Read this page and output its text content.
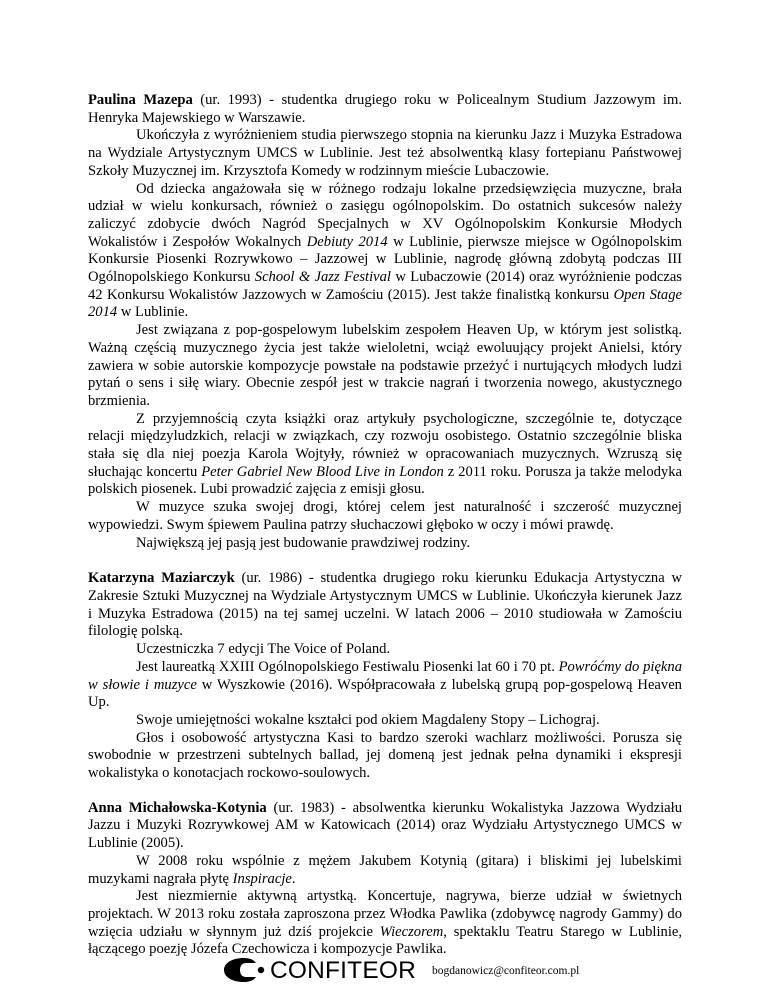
Paulina Mazepa (ur. 1993) - studentka drugiego roku w Policealnym Studium Jazzowym im. Henryka Majewskiego w Warszawie.

Ukończyła z wyróżnieniem studia pierwszego stopnia na kierunku Jazz i Muzyka Estradowa na Wydziale Artystycznym UMCS w Lublinie. Jest też absolwentką klasy fortepianu Państwowej Szkoły Muzycznej im. Krzysztofa Komedy w rodzinnym mieście Lubaczowie.

Od dziecka angażowała się w różnego rodzaju lokalne przedsięwzięcia muzyczne, brała udział w wielu konkursach, również o zasięgu ogólnopolskim. Do ostatnich sukcesów należy zaliczyć zdobycie dwóch Nagród Specjalnych w XV Ogólnopolskim Konkursie Młodych Wokalistów i Zespołów Wokalnych Debiuty 2014 w Lublinie, pierwsze miejsce w Ogólnopolskim Konkursie Piosenki Rozrywkowo – Jazzowej w Lublinie, nagrodę główną zdobytą podczas III Ogólnopolskiego Konkursu School & Jazz Festival w Lubaczowie (2014) oraz wyróżnienie podczas 42 Konkursu Wokalistów Jazzowych w Zamościu (2015). Jest także finalistką konkursu Open Stage 2014 w Lublinie.

Jest związana z pop-gospelowym lubelskim zespołem Heaven Up, w którym jest solistką. Ważną częścią muzycznego życia jest także wieloletni, wciąż ewoluujący projekt Anielsi, który zawiera w sobie autorskie kompozycje powstałe na podstawie przeżyć i nurtujących młodych ludzi pytań o sens i siłę wiary. Obecnie zespół jest w trakcie nagrań i tworzenia nowego, akustycznego brzmienia.

Z przyjemnością czyta książki oraz artykuły psychologiczne, szczególnie te, dotyczące relacji międzyludzkich, relacji w związkach, czy rozwoju osobistego. Ostatnio szczególnie bliska stała się dla niej poezja Karola Wojtyły, również w opracowaniach muzycznych. Wzruszą się słuchając koncertu Peter Gabriel New Blood Live in London z 2011 roku. Porusza ja także melodyka polskich piosenek. Lubi prowadzić zajęcia z emisji głosu.

W muzyce szuka swojej drogi, której celem jest naturalność i szczerość muzycznej wypowiedzi. Swym śpiewem Paulina patrzy słuchaczowi głęboko w oczy i mówi prawdę.

Największą jej pasją jest budowanie prawdziwej rodziny.

Katarzyna Maziarczyk (ur. 1986) - studentka drugiego roku kierunku Edukacja Artystyczna w Zakresie Sztuki Muzycznej na Wydziale Artystycznym UMCS w Lublinie. Ukończyła kierunek Jazz i Muzyka Estradowa (2015) na tej samej uczelni. W latach 2006 – 2010 studiowała w Zamościu filologię polską.

Uczestniczka 7 edycji The Voice of Poland.

Jest laureatką XXIII Ogólnopolskiego Festiwalu Piosenki lat 60 i 70 pt. Powróćmy do piękna w słowie i muzyce w Wyszkowie (2016). Współpracowała z lubelską grupą pop-gospelową Heaven Up.

Swoje umiejętności wokalne kształci pod okiem Magdaleny Stopy – Lichograj.

Głos i osobowość artystyczna Kasi to bardzo szeroki wachlarz możliwości. Porusza się swobodnie w przestrzeni subtelnych ballad, jej domeną jest jednak pełna dynamiki i ekspresji wokalistyka o konotacjach rockowo-soulowych.

Anna Michałowska-Kotynia (ur. 1983) - absolwentka kierunku Wokalistyka Jazzowa Wydziału Jazzu i Muzyki Rozrywkowej AM w Katowicach (2014) oraz Wydziału Artystycznego UMCS w Lublinie (2005).

W 2008 roku wspólnie z mężem Jakubem Kotynią (gitara) i bliskimi jej lubelskimi muzykami nagrała płytę Inspiracje.

Jest niezmiernie aktywną artystką. Koncertuje, nagrywa, bierze udział w świetnych projektach. W 2013 roku została zaproszona przez Włodka Pawlika (zdobywcę nagrody Gammy) do wzięcia udziału w słynnym już dziś projekcie Wieczorem, spektaklu Teatru Starego w Lublinie, łączącego poezję Józefa Czechowicza i kompozycje Pawlika.

CONFITEOR bogdanowicz@confiteor.com.pl
